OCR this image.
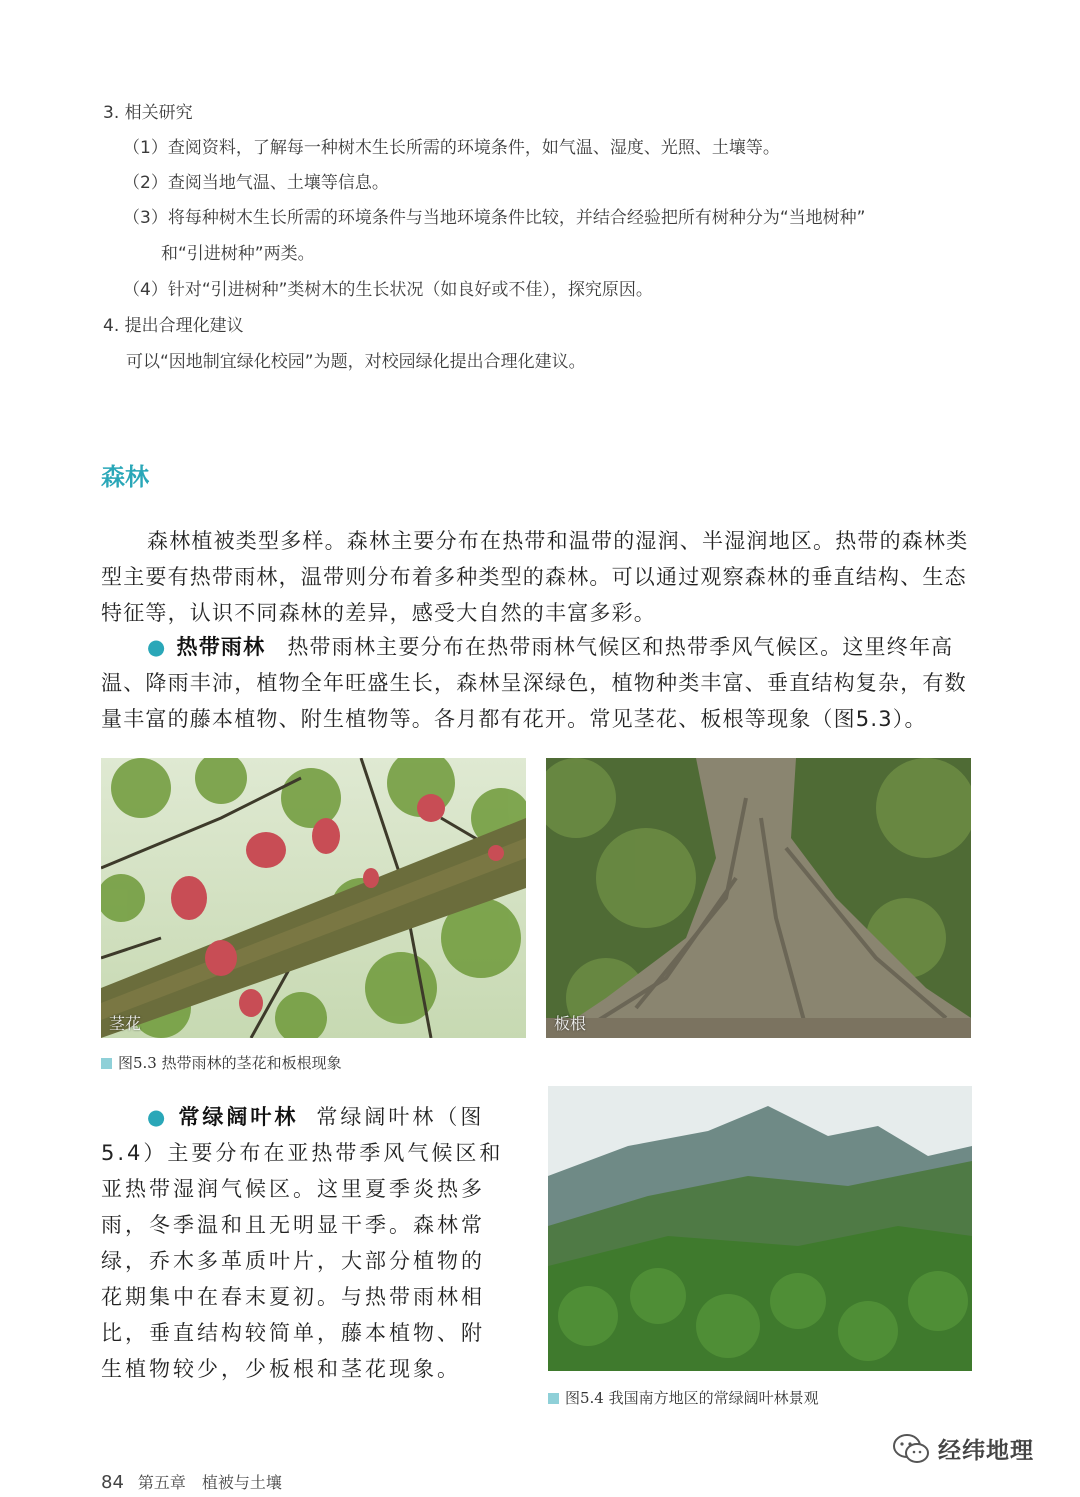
3. 相关研究
（1）查阅资料，了解每一种树木生长所需的环境条件，如气温、湿度、光照、土壤等。
（2）查阅当地气温、土壤等信息。
（3）将每种树木生长所需的环境条件与当地环境条件比较，并结合经验把所有树种分为“当地树种”
和“引进树种”两类。
（4）针对“引进树种”类树木的生长状况（如良好或不佳），探究原因。
4. 提出合理化建议
可以“因地制宜绿化校园”为题，对校园绿化提出合理化建议。
森林
森林植被类型多样。森林主要分布在热带和温带的湿润、半湿润地区。热带的森林类型主要有热带雨林，温带则分布着多种类型的森林。可以通过观察森林的垂直结构、生态特征等，认识不同森林的差异，感受大自然的丰富多彩。
● 热带雨林 热带雨林主要分布在热带雨林气候区和热带季风气候区。这里终年高温、降雨丰沛，植物全年旺盛生长，森林呈深绿色，植物种类丰富、垂直结构复杂，有数量丰富的藤本植物、附生植物等。各月都有花开。常见茎花、板根等现象（图5.3）。
茎花	板根
图5.3 热带雨林的茎花和板根现象
● 常绿阔叶林 常绿阔叶林（图5.4）主要分布在亚热带季风气候区和亚热带湿润气候区。这里夏季炎热多雨，冬季温和且无明显干季。森林常绿，乔木多革质叶片，大部分植物的花期集中在春末夏初。与热带雨林相比，垂直结构较简单，藤本植物、附生植物较少，少板根和茎花现象。
图5.4 我国南方地区的常绿阔叶林景观
经纬地理
84 第五章　植被与土壤
